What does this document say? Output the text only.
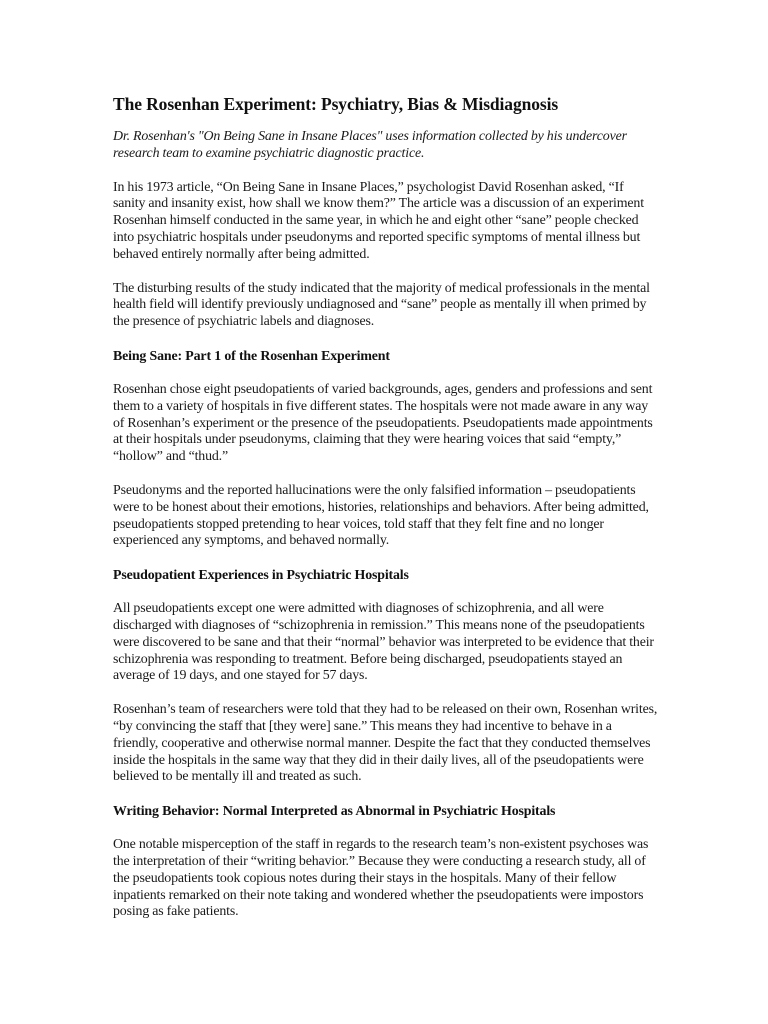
The Rosenhan Experiment: Psychiatry, Bias & Misdiagnosis

Dr. Rosenhan's "On Being Sane in Insane Places" uses information collected by his undercover research team to examine psychiatric diagnostic practice.

In his 1973 article, “On Being Sane in Insane Places,” psychologist David Rosenhan asked, “If sanity and insanity exist, how shall we know them?” The article was a discussion of an experiment Rosenhan himself conducted in the same year, in which he and eight other “sane” people checked into psychiatric hospitals under pseudonyms and reported specific symptoms of mental illness but behaved entirely normally after being admitted.

The disturbing results of the study indicated that the majority of medical professionals in the mental health field will identify previously undiagnosed and “sane” people as mentally ill when primed by the presence of psychiatric labels and diagnoses.

Being Sane: Part 1 of the Rosenhan Experiment

Rosenhan chose eight pseudopatients of varied backgrounds, ages, genders and professions and sent them to a variety of hospitals in five different states. The hospitals were not made aware in any way of Rosenhan’s experiment or the presence of the pseudopatients. Pseudopatients made appointments at their hospitals under pseudonyms, claiming that they were hearing voices that said “empty,” “hollow” and “thud.”

Pseudonyms and the reported hallucinations were the only falsified information – pseudopatients were to be honest about their emotions, histories, relationships and behaviors. After being admitted, pseudopatients stopped pretending to hear voices, told staff that they felt fine and no longer experienced any symptoms, and behaved normally.

Pseudopatient Experiences in Psychiatric Hospitals

All pseudopatients except one were admitted with diagnoses of schizophrenia, and all were discharged with diagnoses of “schizophrenia in remission.” This means none of the pseudopatients were discovered to be sane and that their “normal” behavior was interpreted to be evidence that their schizophrenia was responding to treatment. Before being discharged, pseudopatients stayed an average of 19 days, and one stayed for 57 days.

Rosenhan’s team of researchers were told that they had to be released on their own, Rosenhan writes, “by convincing the staff that [they were] sane.” This means they had incentive to behave in a friendly, cooperative and otherwise normal manner. Despite the fact that they conducted themselves inside the hospitals in the same way that they did in their daily lives, all of the pseudopatients were believed to be mentally ill and treated as such.

Writing Behavior: Normal Interpreted as Abnormal in Psychiatric Hospitals

One notable misperception of the staff in regards to the research team’s non-existent psychoses was the interpretation of their “writing behavior.” Because they were conducting a research study, all of the pseudopatients took copious notes during their stays in the hospitals. Many of their fellow inpatients remarked on their note taking and wondered whether the pseudopatients were impostors posing as fake patients.
